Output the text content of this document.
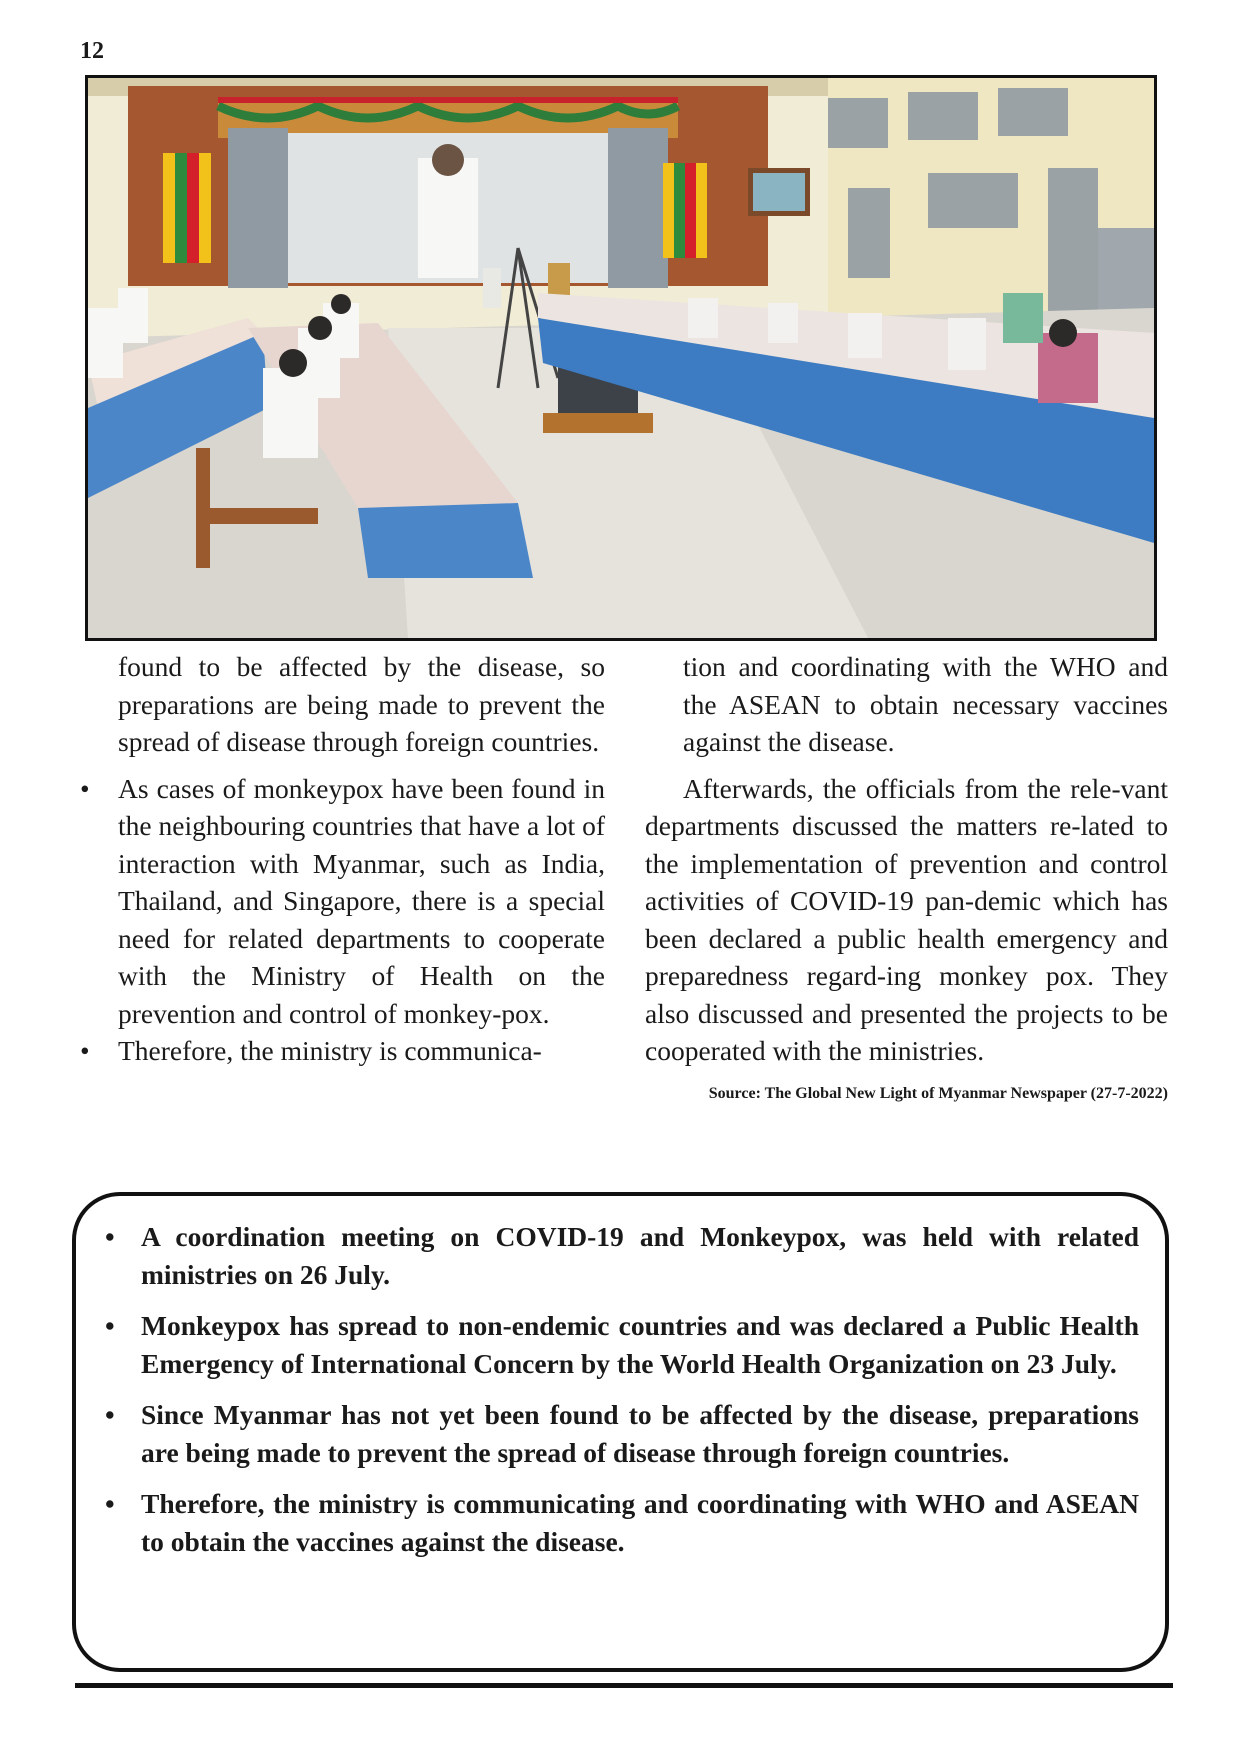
12

found to be affected by the disease, so preparations are being made to prevent the spread of disease through foreign countries.

• As cases of monkeypox have been found in the neighbouring countries that have a lot of interaction with Myanmar, such as India, Thailand, and Singapore, there is a special need for related departments to cooperate with the Ministry of Health on the prevention and control of monkey-pox.

• Therefore, the ministry is communica-

tion and coordinating with the WHO and the ASEAN to obtain necessary vaccines against the disease.

Afterwards, the officials from the rele-vant departments discussed the matters re-lated to the implementation of prevention and control activities of COVID-19 pan-demic which has been declared a public health emergency and preparedness regard-ing monkey pox. They also discussed and presented the projects to be cooperated with the ministries.

Source: The Global New Light of Myanmar Newspaper (27-7-2022)

• A coordination meeting on COVID-19 and Monkeypox, was held with related ministries on 26 July.
• Monkeypox has spread to non-endemic countries and was declared a Public Health Emergency of International Concern by the World Health Organization on 23 July.
• Since Myanmar has not yet been found to be affected by the disease, preparations are being made to prevent the spread of disease through foreign countries.
• Therefore, the ministry is communicating and coordinating with WHO and ASEAN to obtain the vaccines against the disease.
